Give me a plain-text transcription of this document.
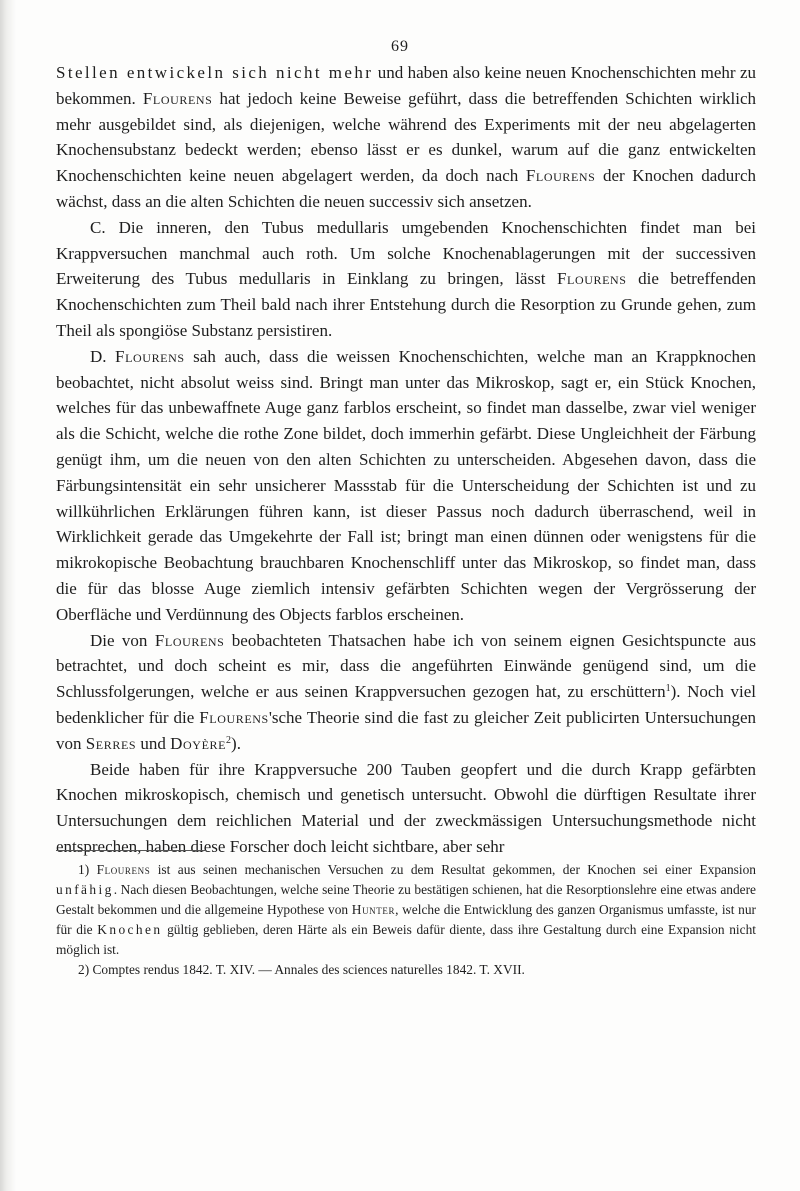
69

Stellen entwickeln sich nicht mehr und haben also keine neuen Knochenschichten mehr zu bekommen. Flourens hat jedoch keine Beweise geführt, dass die betreffenden Schichten wirklich mehr ausgebildet sind, als diejenigen, welche während des Experiments mit der neu abgelagerten Knochensubstanz bedeckt werden; ebenso lässt er es dunkel, warum auf die ganz entwickelten Knochenschichten keine neuen abgelagert werden, da doch nach Flourens der Knochen dadurch wächst, dass an die alten Schichten die neuen successiv sich ansetzen.

C. Die inneren, den Tubus medullaris umgebenden Knochenschichten findet man bei Krappversuchen manchmal auch roth. Um solche Knochenablagerungen mit der successiven Erweiterung des Tubus medullaris in Einklang zu bringen, lässt Flourens die betreffenden Knochenschichten zum Theil bald nach ihrer Entstehung durch die Resorption zu Grunde gehen, zum Theil als spongiöse Substanz persistiren.

D. Flourens sah auch, dass die weissen Knochenschichten, welche man an Krappknochen beobachtet, nicht absolut weiss sind. Bringt man unter das Mikroskop, sagt er, ein Stück Knochen, welches für das unbewaffnete Auge ganz farblos erscheint, so findet man dasselbe, zwar viel weniger als die Schicht, welche die rothe Zone bildet, doch immerhin gefärbt. Diese Ungleichheit der Färbung genügt ihm, um die neuen von den alten Schichten zu unterscheiden. Abgesehen davon, dass die Färbungsintensität ein sehr unsicherer Massstab für die Unterscheidung der Schichten ist und zu willkührlichen Erklärungen führen kann, ist dieser Passus noch dadurch überraschend, weil in Wirklichkeit gerade das Umgekehrte der Fall ist; bringt man einen dünnen oder wenigstens für die mikrokopische Beobachtung brauchbaren Knochenschliff unter das Mikroskop, so findet man, dass die für das blosse Auge ziemlich intensiv gefärbten Schichten wegen der Vergrösserung der Oberfläche und Verdünnung des Objects farblos erscheinen.

Die von Flourens beobachteten Thatsachen habe ich von seinem eignen Gesichtspuncte aus betrachtet, und doch scheint es mir, dass die angeführten Einwände genügend sind, um die Schlussfolgerungen, welche er aus seinen Krappversuchen gezogen hat, zu erschüttern$^1$). Noch viel bedenklicher für die Flourens'sche Theorie sind die fast zu gleicher Zeit publicirten Untersuchungen von Serres und Doyère$^2$).

Beide haben für ihre Krappversuche 200 Tauben geopfert und die durch Krapp gefärbten Knochen mikroskopisch, chemisch und genetisch untersucht. Obwohl die dürftigen Resultate ihrer Untersuchungen dem reichlichen Material und der zweckmässigen Untersuchungsmethode nicht entsprechen, haben diese Forscher doch leicht sichtbare, aber sehr

1) Flourens ist aus seinen mechanischen Versuchen zu dem Resultat gekommen, der Knochen sei einer Expansion unfähig. Nach diesen Beobachtungen, welche seine Theorie zu bestätigen schienen, hat die Resorptionslehre eine etwas andere Gestalt bekommen und die allgemeine Hypothese von Hunter, welche die Entwicklung des ganzen Organismus umfasste, ist nur für die Knochen gültig geblieben, deren Härte als ein Beweis dafür diente, dass ihre Gestaltung durch eine Expansion nicht möglich ist.

2) Comptes rendus 1842. T. XIV. — Annales des sciences naturelles 1842. T. XVII.
